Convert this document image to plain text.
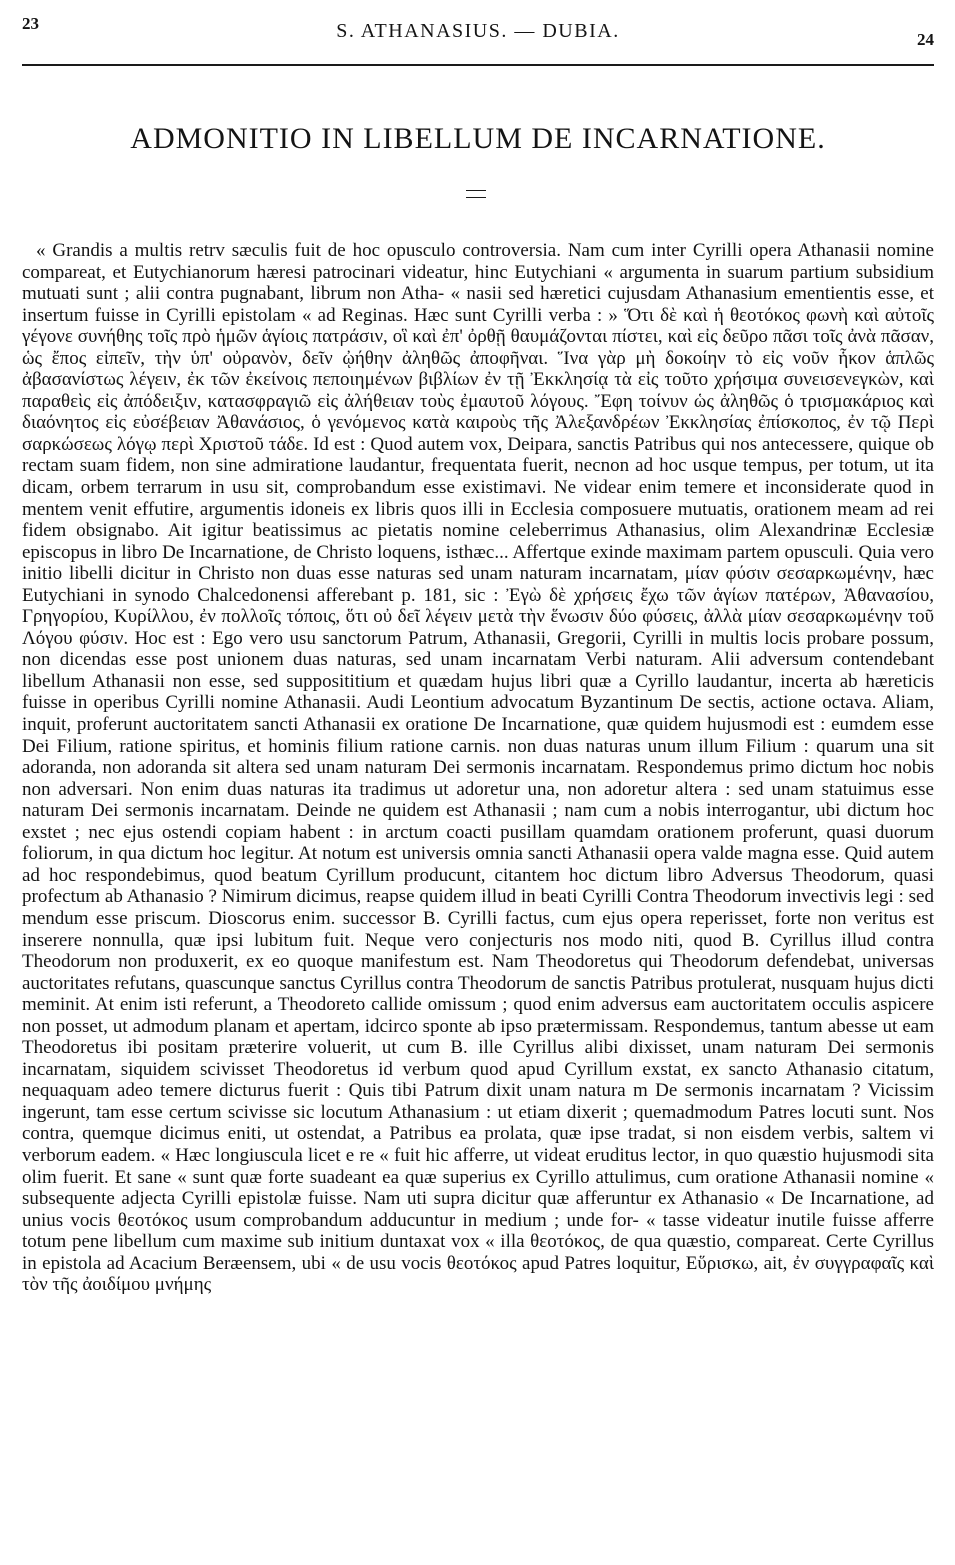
23	S. ATHANASIUS. — DUBIA.	24
ADMONITIO IN LIBELLUM DE INCARNATIONE.

« Grandis a multis retrv sæculis fuit de hoc opusculo controversia. Nam cum inter Cyrilli opera Athanasii nomine compareat, et Eutychianorum hæresi patrocinari videatur, hinc Eutychiani « argumenta in suarum partium subsidium mutuati sunt ; alii contra pugnabant, librum non Atha- « nasii sed hæretici cujusdam Athanasium ementientis esse, et insertum fuisse in Cyrilli epistolam « ad Reginas. Hæc sunt Cyrilli verba : » Ὅτι δὲ καὶ ἡ θεοτόκος φωνὴ καὶ αὐτοῖς γέγονε συνήθης τοῖς πρὸ ἡμῶν ἁγίοις πατράσιν, οἳ καὶ ἐπ' ὀρθῇ θαυμάζονται πίστει, καὶ εἰς δεῦρο πᾶσι τοῖς ἀνὰ πᾶσαν, ὡς ἔπος εἰπεῖν, τὴν ὑπ' οὐρανὸν, δεῖν ᾠήθην ἀληθῶς ἀποφῆναι. Ἵνα γὰρ μὴ δοκοίην τὸ εἰς νοῦν ἧκον ἁπλῶς ἀβασανίστως λέγειν, ἐκ τῶν ἐκείνοις πεποιημένων βιβλίων ἐν τῇ Ἐκκλησίᾳ τὰ εἰς τοῦτο χρήσιμα συνεισενεγκὼν, καὶ παραθεὶς εἰς ἀπόδειξιν, κατασφραγιῶ εἰς ἀλήθειαν τοὺς ἐμαυτοῦ λόγους. Ἔφη τοίνυν ὡς ἀληθῶς ὁ τρισμακάριος καὶ διαόνητος εἰς εὐσέβειαν Ἀθανάσιος, ὁ γενόμενος κατὰ καιροὺς τῆς Ἀλεξανδρέων Ἐκκλησίας ἐπίσκοπος, ἐν τῷ Περὶ σαρκώσεως λόγῳ περὶ Χριστοῦ τάδε. Id est : Quod autem vox, Deipara, sanctis Patribus qui nos antecessere, quique ob rectam suam fidem, non sine admiratione laudantur, frequentata fuerit, necnon ad hoc usque tempus, per totum, ut ita dicam, orbem terrarum in usu sit, comprobandum esse existimavi. Ne videar enim temere et inconsiderate quod in mentem venit effutire, argumentis idoneis ex libris quos illi in Ecclesia composuere mutuatis, orationem meam ad rei fidem obsignabo. Ait igitur beatissimus ac pietatis nomine celeberrimus Athanasius, olim Alexandrinæ Ecclesiæ episcopus in libro De Incarnatione, de Christo loquens, isthæc... Affertque exinde maximam partem opusculi. Quia vero initio libelli dicitur in Christo non duas esse naturas sed unam naturam incarnatam, μίαν φύσιν σεσαρκωμένην, hæc Eutychiani in synodo Chalcedonensi afferebant p. 181, sic : Ἐγὼ δὲ χρήσεις ἔχω τῶν ἁγίων πατέρων, Ἀθανασίου, Γρηγορίου, Κυρίλλου, ἐν πολλοῖς τόποις, ὅτι οὐ δεῖ λέγειν μετὰ τὴν ἕνωσιν δύο φύσεις, ἀλλὰ μίαν σεσαρκωμένην τοῦ Λόγου φύσιν. Hoc est : Ego vero usu sanctorum Patrum, Athanasii, Gregorii, Cyrilli in multis locis probare possum, non dicendas esse post unionem duas naturas, sed unam incarnatam Verbi naturam. Alii adversum contendebant libellum Athanasii non esse, sed supposititium et quædam hujus libri quæ a Cyrillo laudantur, incerta ab hæreticis fuisse in operibus Cyrilli nomine Athanasii. Audi Leontium advocatum Byzantinum De sectis, actione octava. Aliam, inquit, proferunt auctoritatem sancti Athanasii ex oratione De Incarnatione, quæ quidem hujusmodi est : eumdem esse Dei Filium, ratione spiritus, et hominis filium ratione carnis. non duas naturas unum illum Filium : quarum una sit adoranda, non adoranda sit altera sed unam naturam Dei sermonis incarnatam. Respondemus primo dictum hoc nobis non adversari. Non enim duas naturas ita tradimus ut adoretur una, non adoretur altera : sed unam statuimus esse naturam Dei sermonis incarnatam. Deinde ne quidem est Athanasii ; nam cum a nobis interrogantur, ubi dictum hoc exstet ; nec ejus ostendi copiam habent : in arctum coacti pusillam quamdam orationem proferunt, quasi duorum foliorum, in qua dictum hoc legitur. At notum est universis omnia sancti Athanasii opera valde magna esse. Quid autem ad hoc respondebimus, quod beatum Cyrillum producunt, citantem hoc dictum libro Adversus Theodorum, quasi profectum ab Athanasio ? Nimirum dicimus, reapse quidem illud in beati Cyrilli Contra Theodorum invectivis legi : sed mendum esse priscum. Dioscorus enim. successor B. Cyrilli factus, cum ejus opera reperisset, forte non veritus est inserere nonnulla, quæ ipsi lubitum fuit. Neque vero conjecturis nos modo niti, quod B. Cyrillus illud contra Theodorum non produxerit, ex eo quoque manifestum est. Nam Theodoretus qui Theodorum defendebat, universas auctoritates refutans, quascunque sanctus Cyrillus contra Theodorum de sanctis Patribus protulerat, nusquam hujus dicti meminit. At enim isti referunt, a Theodoreto callide omissum ; quod enim adversus eam auctoritatem occulis aspicere non posset, ut admodum planam et apertam, idcirco sponte ab ipso prætermissam. Respondemus, tantum abesse ut eam Theodoretus ibi positam præterire voluerit, ut cum B. ille Cyrillus alibi dixisset, unam naturam Dei sermonis incarnatam, siquidem scivisset Theodoretus id verbum quod apud Cyrillum exstat, ex sancto Athanasio citatum, nequaquam adeo temere dicturus fuerit : Quis tibi Patrum dixit unam natura m De sermonis incarnatam ? Vicissim ingerunt, tam esse certum scivisse sic locutum Athanasium : ut etiam dixerit ; quemadmodum Patres locuti sunt. Nos contra, quemque dicimus eniti, ut ostendat, a Patribus ea prolata, quæ ipse tradat, si non eisdem verbis, saltem vi verborum eadem. « Hæc longiuscula licet e re « fuit hic afferre, ut videat eruditus lector, in quo quæstio hujusmodi sita olim fuerit. Et sane « sunt quæ forte suadeant ea quæ superius ex Cyrillo attulimus, cum oratione Athanasii nomine « subsequente adjecta Cyrilli epistolæ fuisse. Nam uti supra dicitur quæ afferuntur ex Athanasio « De Incarnatione, ad unius vocis θεοτόκος usum comprobandum adducuntur in medium ; unde for- « tasse videatur inutile fuisse afferre totum pene libellum cum maxime sub initium duntaxat vox « illa θεοτόκος, de qua quæstio, compareat. Certe Cyrillus in epistola ad Acacium Beræensem, ubi « de usu vocis θεοτόκος apud Patres loquitur, Εὕρισκω, ait, ἐν συγγραφαῖς καὶ τὸν τῆς ἀοιδίμου μνήμης
